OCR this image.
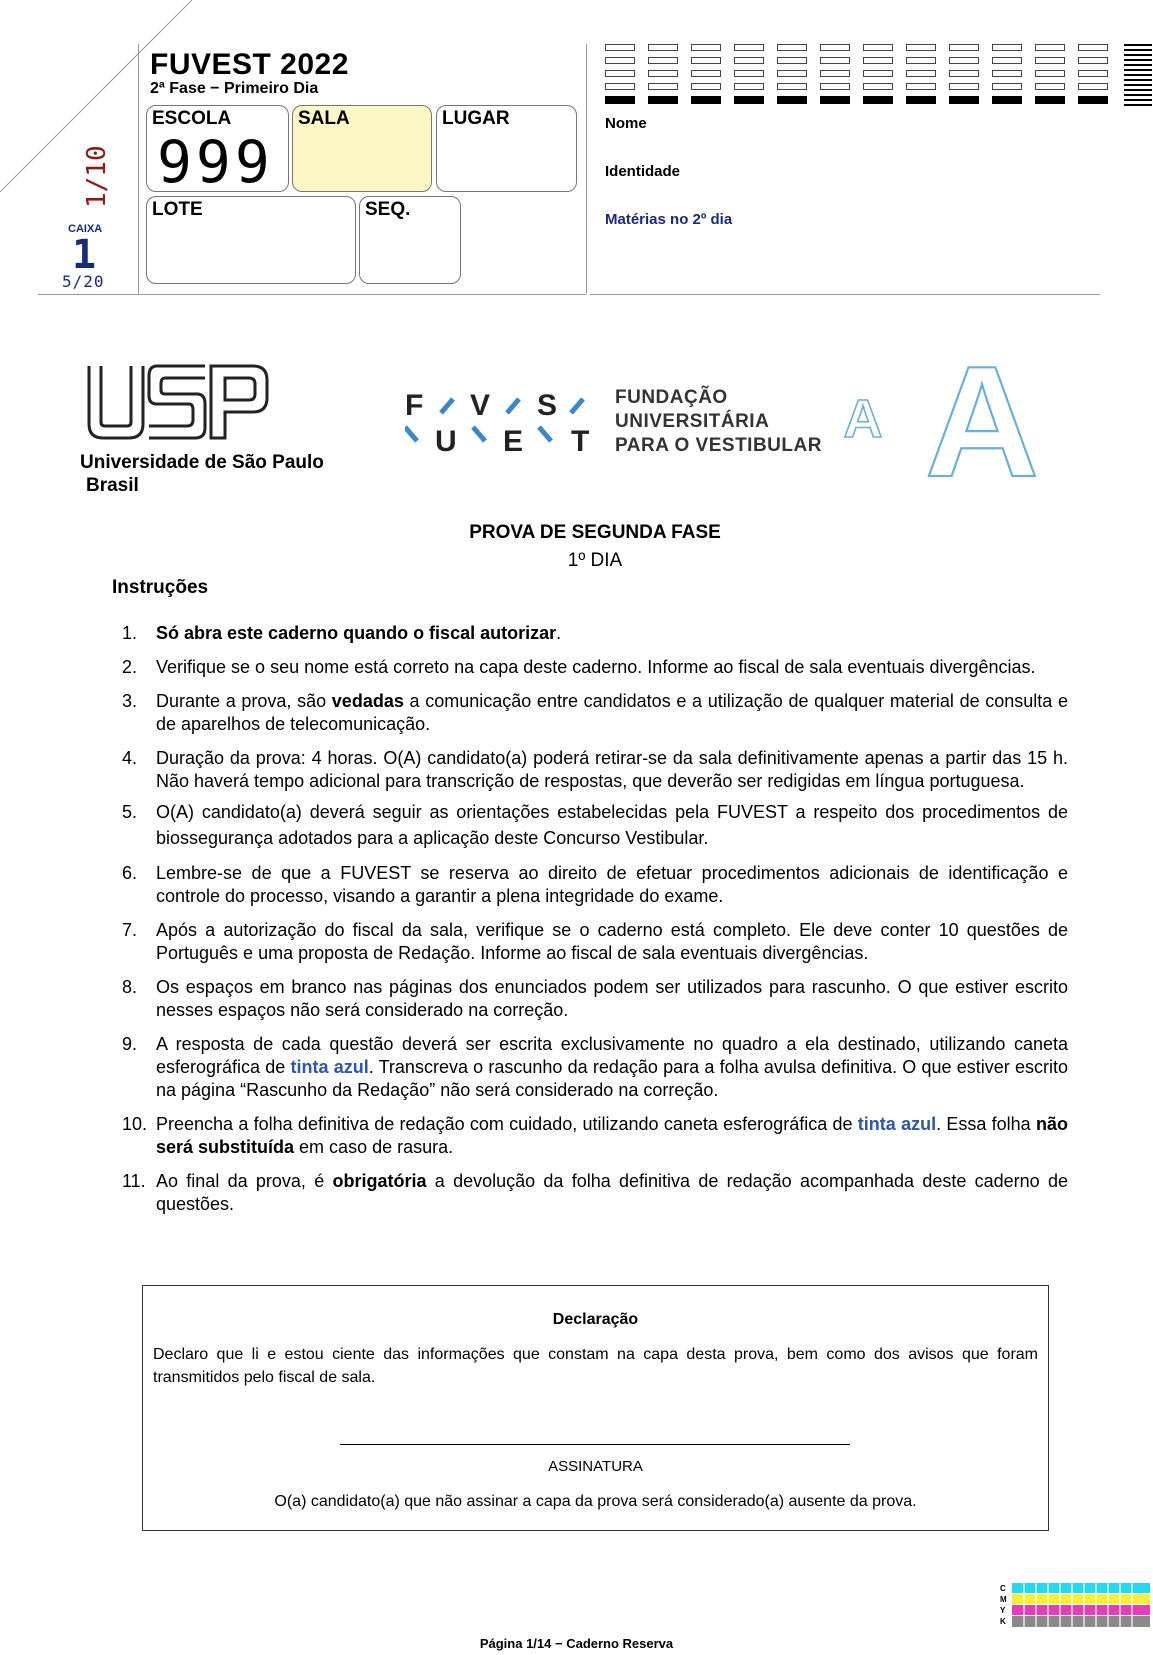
FUVEST 2022
2ª Fase − Primeiro Dia
1/10
CAIXA
1
5/20
ESCOLA
999
SALA	LUGAR
LOTE	SEQ.
Nome
Identidade
Matérias no 2º dia
Universidade de São Paulo
Brasil
F V S
U E T
FUNDAÇÃO
UNIVERSITÁRIA
PARA O VESTIBULAR A A
PROVA DE SEGUNDA FASE
1º DIA
Instruções
1. Só abra este caderno quando o fiscal autorizar.
2. Verifique se o seu nome está correto na capa deste caderno. Informe ao fiscal de sala eventuais divergências.
3. Durante a prova, são vedadas a comunicação entre candidatos e a utilização de qualquer material de consulta e de aparelhos de telecomunicação.
4. Duração da prova: 4 horas. O(A) candidato(a) poderá retirar-se da sala definitivamente apenas a partir das 15 h. Não haverá tempo adicional para transcrição de respostas, que deverão ser redigidas em língua portuguesa.
5. O(A) candidato(a) deverá seguir as orientações estabelecidas pela FUVEST a respeito dos procedimentos de biossegurança adotados para a aplicação deste Concurso Vestibular.
6. Lembre-se de que a FUVEST se reserva ao direito de efetuar procedimentos adicionais de identificação e controle do processo, visando a garantir a plena integridade do exame.
7. Após a autorização do fiscal da sala, verifique se o caderno está completo. Ele deve conter 10 questões de Português e uma proposta de Redação. Informe ao fiscal de sala eventuais divergências.
8. Os espaços em branco nas páginas dos enunciados podem ser utilizados para rascunho. O que estiver escrito nesses espaços não será considerado na correção.
9. A resposta de cada questão deverá ser escrita exclusivamente no quadro a ela destinado, utilizando caneta esferográfica de tinta azul. Transcreva o rascunho da redação para a folha avulsa definitiva. O que estiver escrito na página “Rascunho da Redação” não será considerado na correção.
10. Preencha a folha definitiva de redação com cuidado, utilizando caneta esferográfica de tinta azul. Essa folha não será substituída em caso de rasura.
11. Ao final da prova, é obrigatória a devolução da folha definitiva de redação acompanhada deste caderno de questões.
Declaração
Declaro que li e estou ciente das informações que constam na capa desta prova, bem como dos avisos que foram transmitidos pelo fiscal de sala.
ASSINATURA
O(a) candidato(a) que não assinar a capa da prova será considerado(a) ausente da prova.
CMYK
Página 1/14 − Caderno Reserva
